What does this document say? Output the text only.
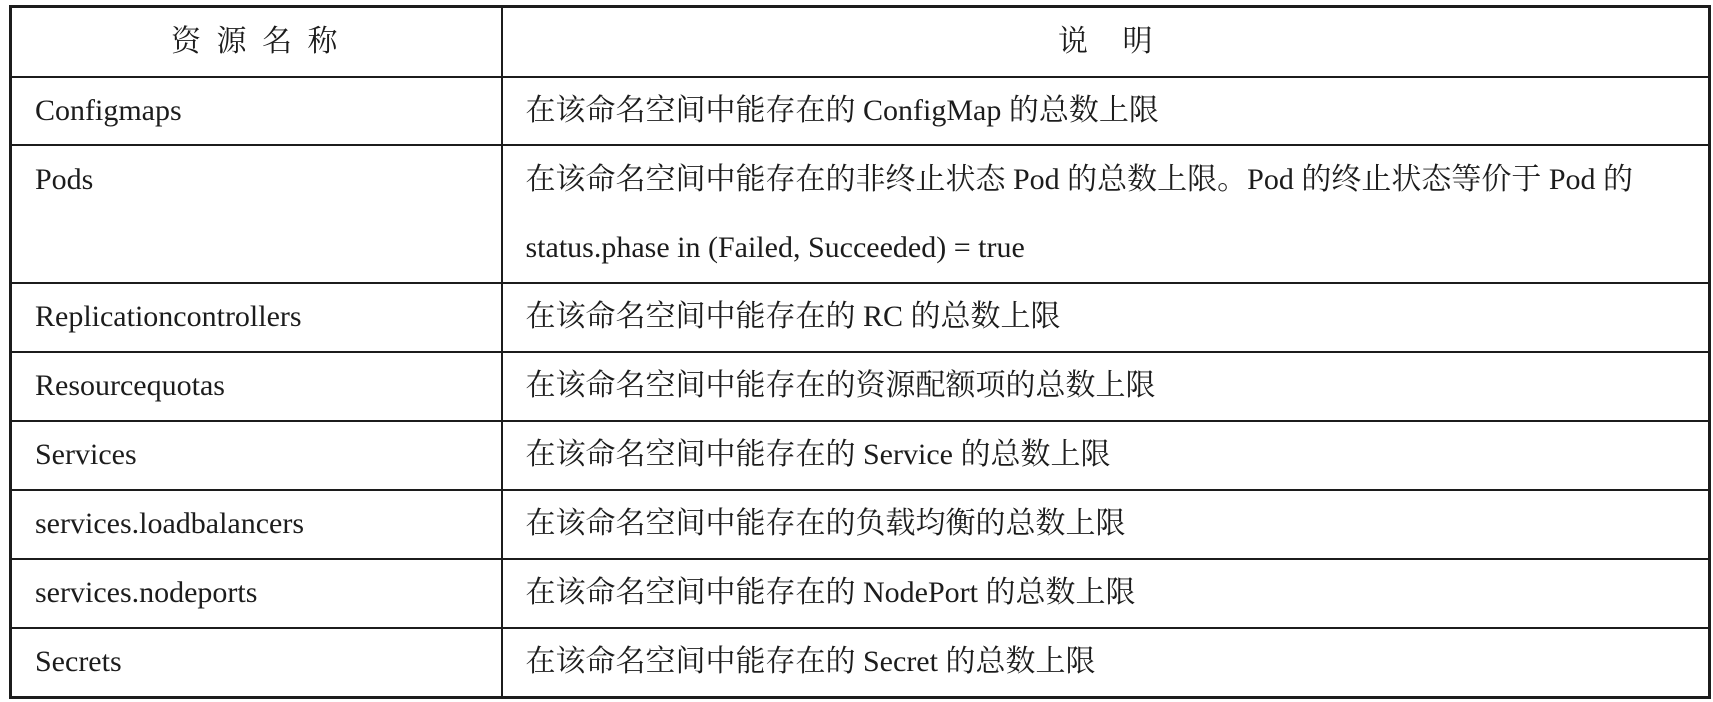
资 源 名 称	说 明
Configmaps	在该命名空间中能存在的 ConfigMap 的总数上限

Pods	在该命名空间中能存在的非终止状态 Pod 的总数上限。Pod 的终止状态等价于 Pod 的
status.phase in (Failed, Succeeded) = true

Replicationcontrollers	在该命名空间中能存在的 RC 的总数上限

Resourcequotas	在该命名空间中能存在的资源配额项的总数上限

Services	在该命名空间中能存在的 Service 的总数上限

services.loadbalancers	在该命名空间中能存在的负载均衡的总数上限

services.nodeports	在该命名空间中能存在的 NodePort 的总数上限

Secrets	在该命名空间中能存在的 Secret 的总数上限
